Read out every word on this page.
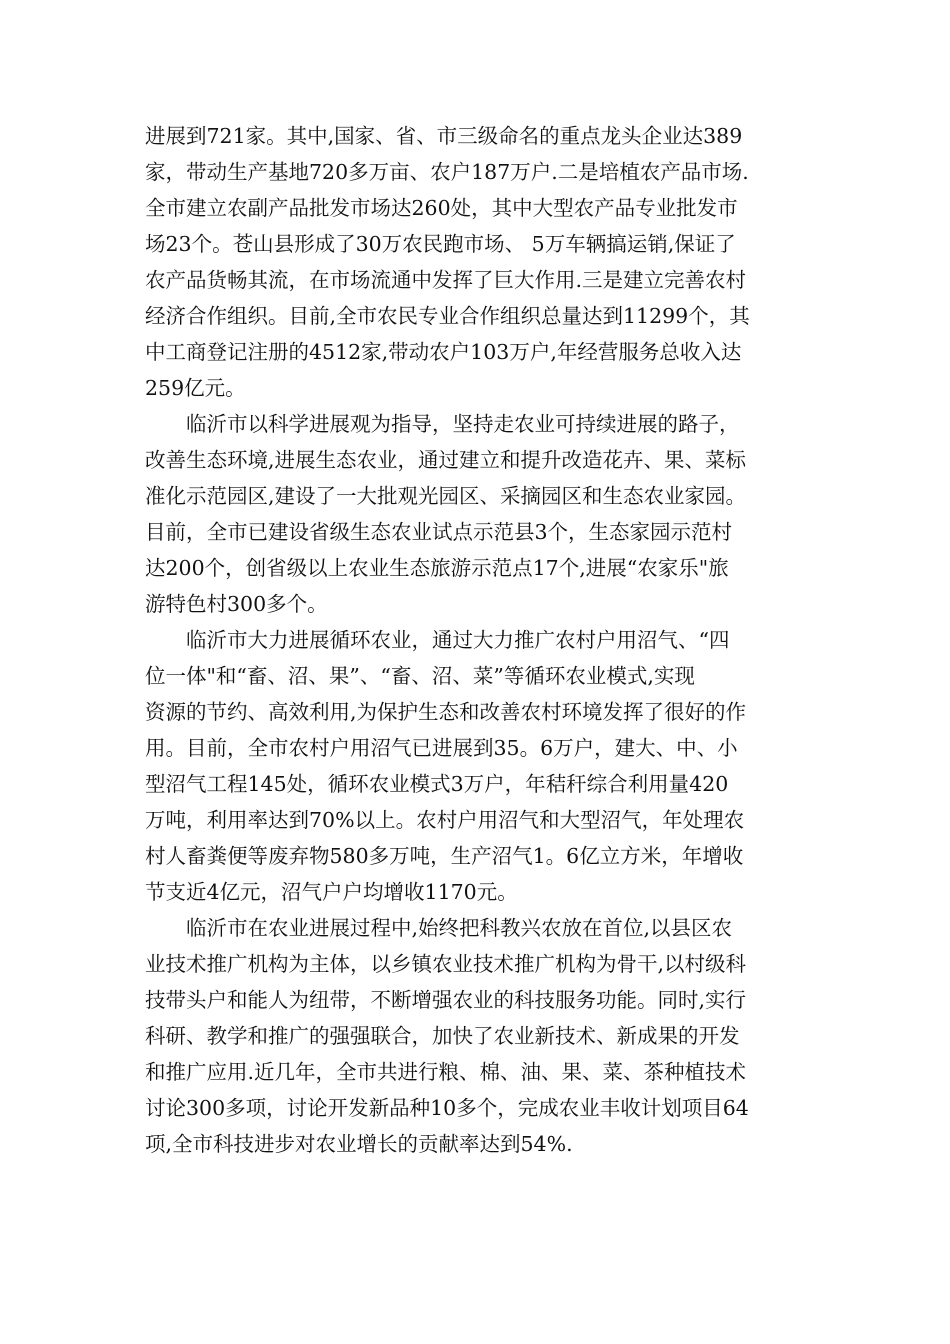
进展到721家。其中,国家、省、市三级命名的重点龙头企业达389
家，带动生产基地720多万亩、农户187万户.二是培植农产品市场.
全市建立农副产品批发市场达260处，其中大型农产品专业批发市
场23个。苍山县形成了30万农民跑市场、 5万车辆搞运销,保证了
农产品货畅其流，在市场流通中发挥了巨大作用.三是建立完善农村
经济合作组织。目前,全市农民专业合作组织总量达到11299个，其
中工商登记注册的4512家,带动农户103万户,年经营服务总收入达
259亿元。
临沂市以科学进展观为指导，坚持走农业可持续进展的路子，
改善生态环境,进展生态农业，通过建立和提升改造花卉、果、菜标
准化示范园区,建设了一大批观光园区、采摘园区和生态农业家园。
目前，全市已建设省级生态农业试点示范县3个，生态家园示范村
达200个，创省级以上农业生态旅游示范点17个,进展“农家乐"旅
游特色村300多个。
临沂市大力进展循环农业，通过大力推广农村户用沼气、“四
位一体"和“畜、沼、果”、“畜、沼、菜”等循环农业模式,实现
资源的节约、高效利用,为保护生态和改善农村环境发挥了很好的作
用。目前，全市农村户用沼气已进展到35。6万户，建大、中、小
型沼气工程145处，循环农业模式3万户，年秸秆综合利用量420
万吨，利用率达到70%以上。农村户用沼气和大型沼气，年处理农
村人畜粪便等废弃物580多万吨，生产沼气1。6亿立方米，年增收
节支近4亿元，沼气户户均增收1170元。
临沂市在农业进展过程中,始终把科教兴农放在首位,以县区农
业技术推广机构为主体，以乡镇农业技术推广机构为骨干,以村级科
技带头户和能人为纽带，不断增强农业的科技服务功能。同时,实行
科研、教学和推广的强强联合，加快了农业新技术、新成果的开发
和推广应用.近几年，全市共进行粮、棉、油、果、菜、茶种植技术
讨论300多项，讨论开发新品种10多个，完成农业丰收计划项目64
项,全市科技进步对农业增长的贡献率达到54%.
